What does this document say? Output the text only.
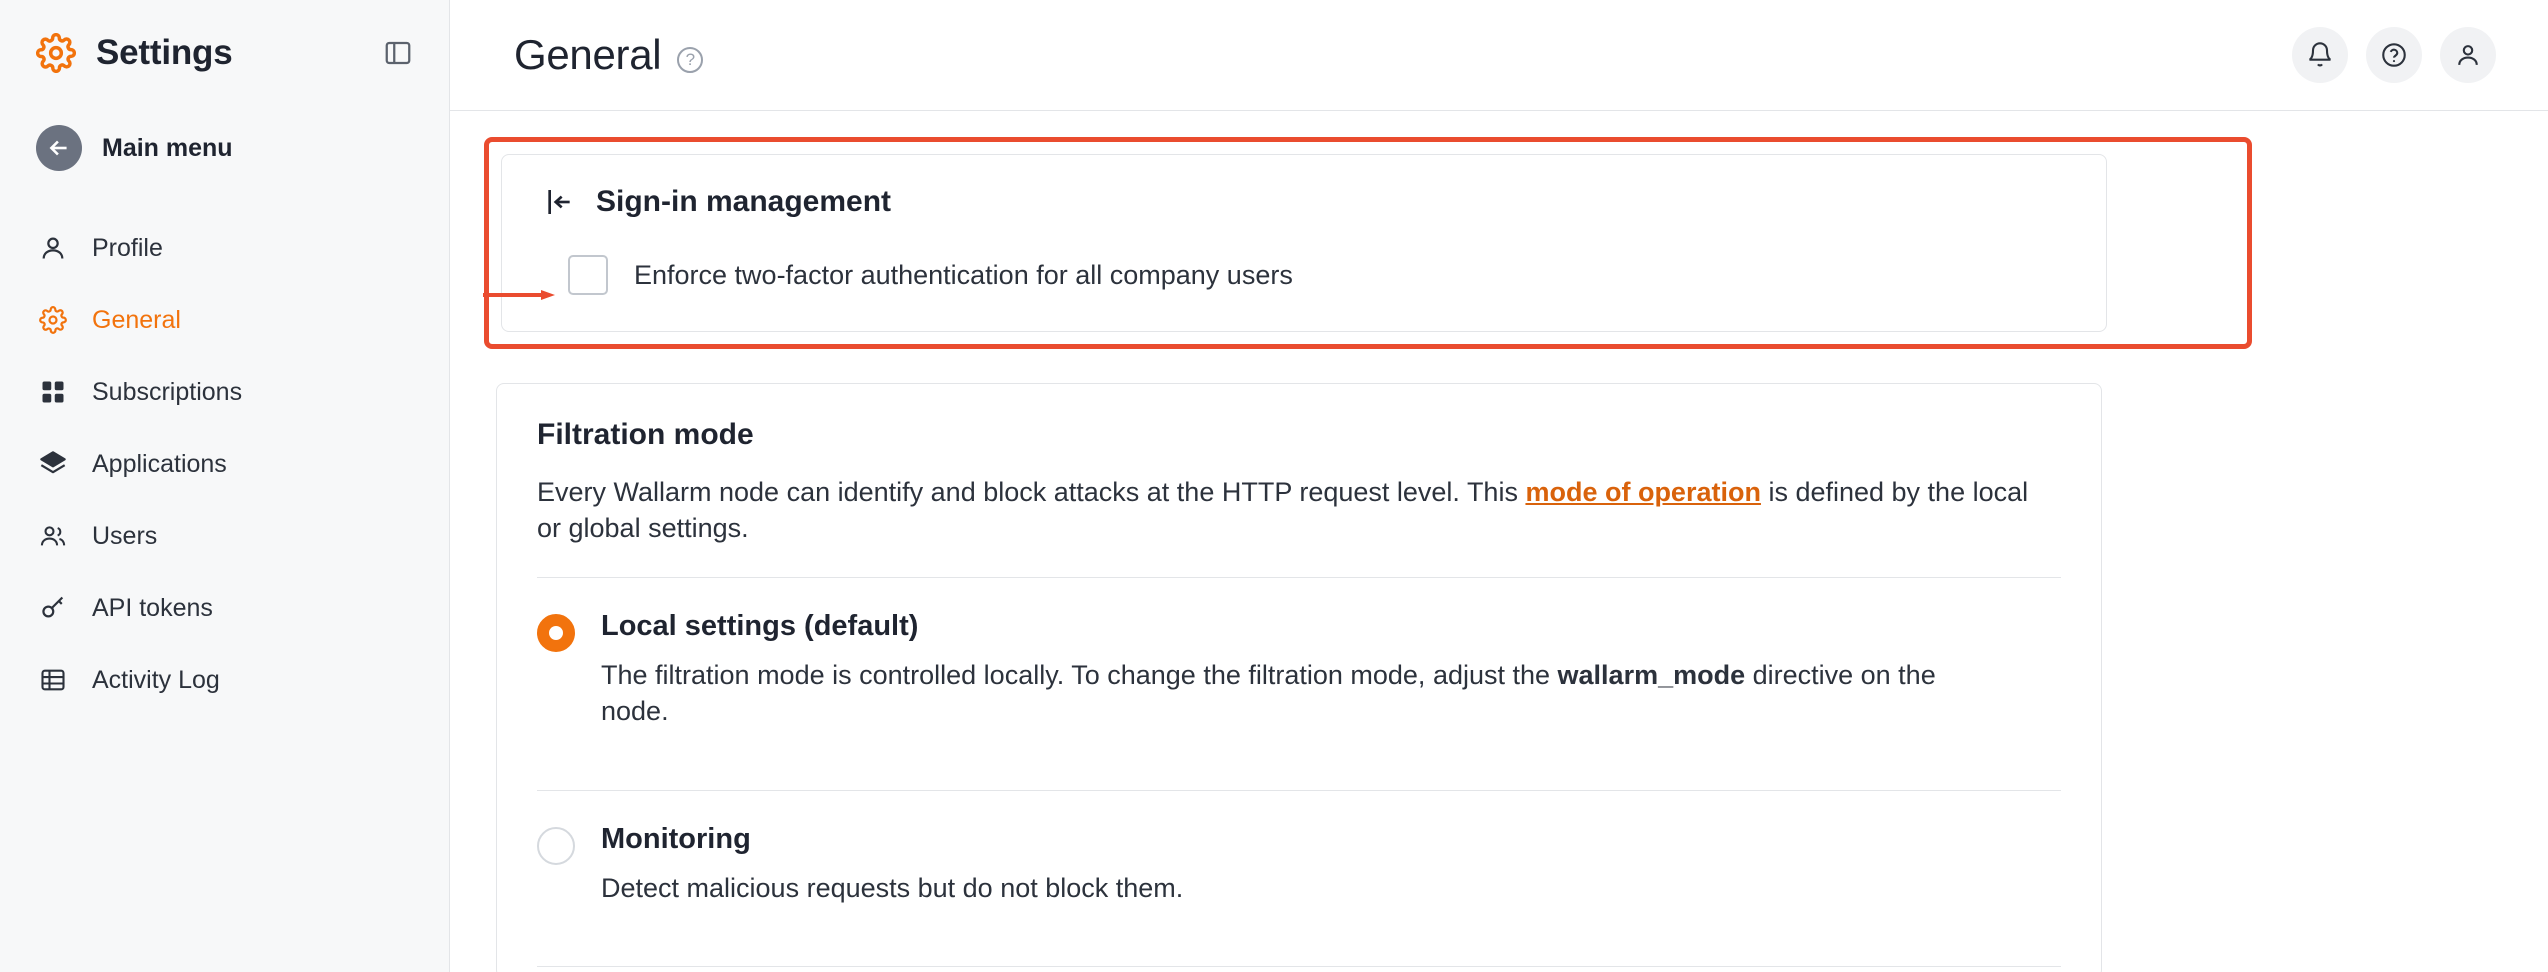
Settings
Main menu
Profile
General
Subscriptions
Applications
Users
API tokens
Activity Log
General	?
Sign-in management
Enforce two-factor authentication for all company users
Filtration mode

Every Wallarm node can identify and block attacks at the HTTP request level. This mode of operation is defined by the local or global settings.

Local settings (default)
The filtration mode is controlled locally. To change the filtration mode, adjust the wallarm_mode directive on the node.
Monitoring
Detect malicious requests but do not block them.
